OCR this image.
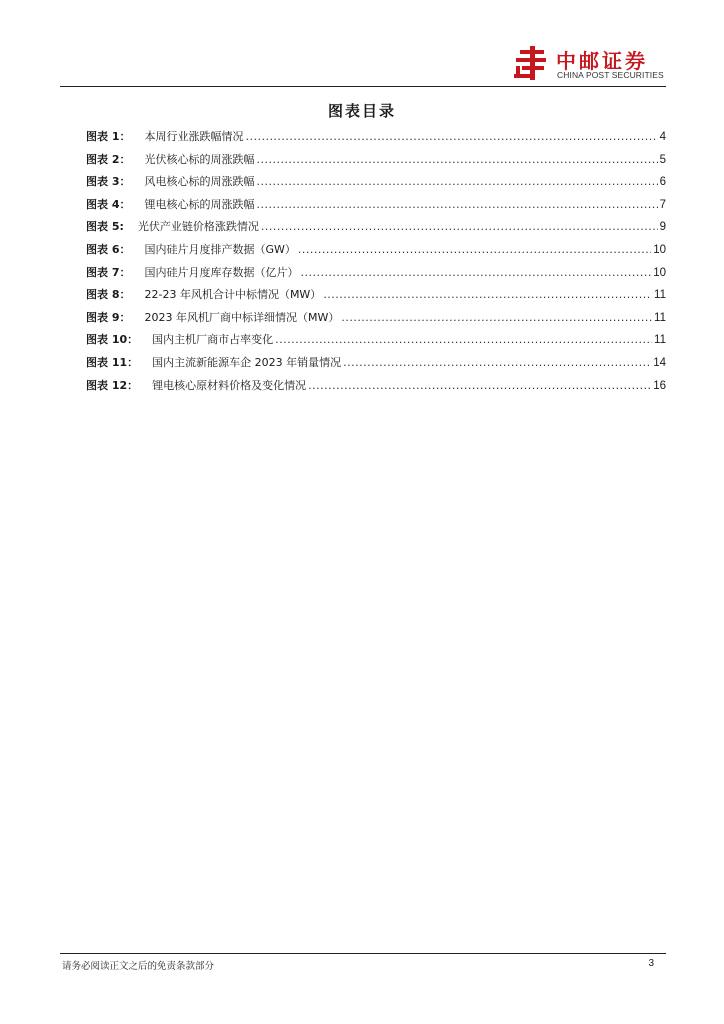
中邮证券
CHINA POST SECURITIES
图表目录
图表 1：	本周行业涨跌幅情况 . . .	4
图表 2：	光伏核心标的周涨跌幅 . . .	5
图表 3：	风电核心标的周涨跌幅 . . .	6
图表 4：	锂电核心标的周涨跌幅 . . .	7
图表 5:	光伏产业链价格涨跌情况 . . .	9
图表 6：	国内硅片月度排产数据（GW） . . .	10
图表 7：	国内硅片月度库存数据（亿片） . . .	10
图表 8：	22-23 年风机合计中标情况（MW） . . .	11
图表 9：	2023 年风机厂商中标详细情况（MW） . . .	11
图表 10：	国内主机厂商市占率变化 . . .	11
图表 11：	国内主流新能源车企 2023 年销量情况 . . .	14
图表 12：	锂电核心原材料价格及变化情况 . . .	16
请务必阅读正文之后的免责条款部分	3
